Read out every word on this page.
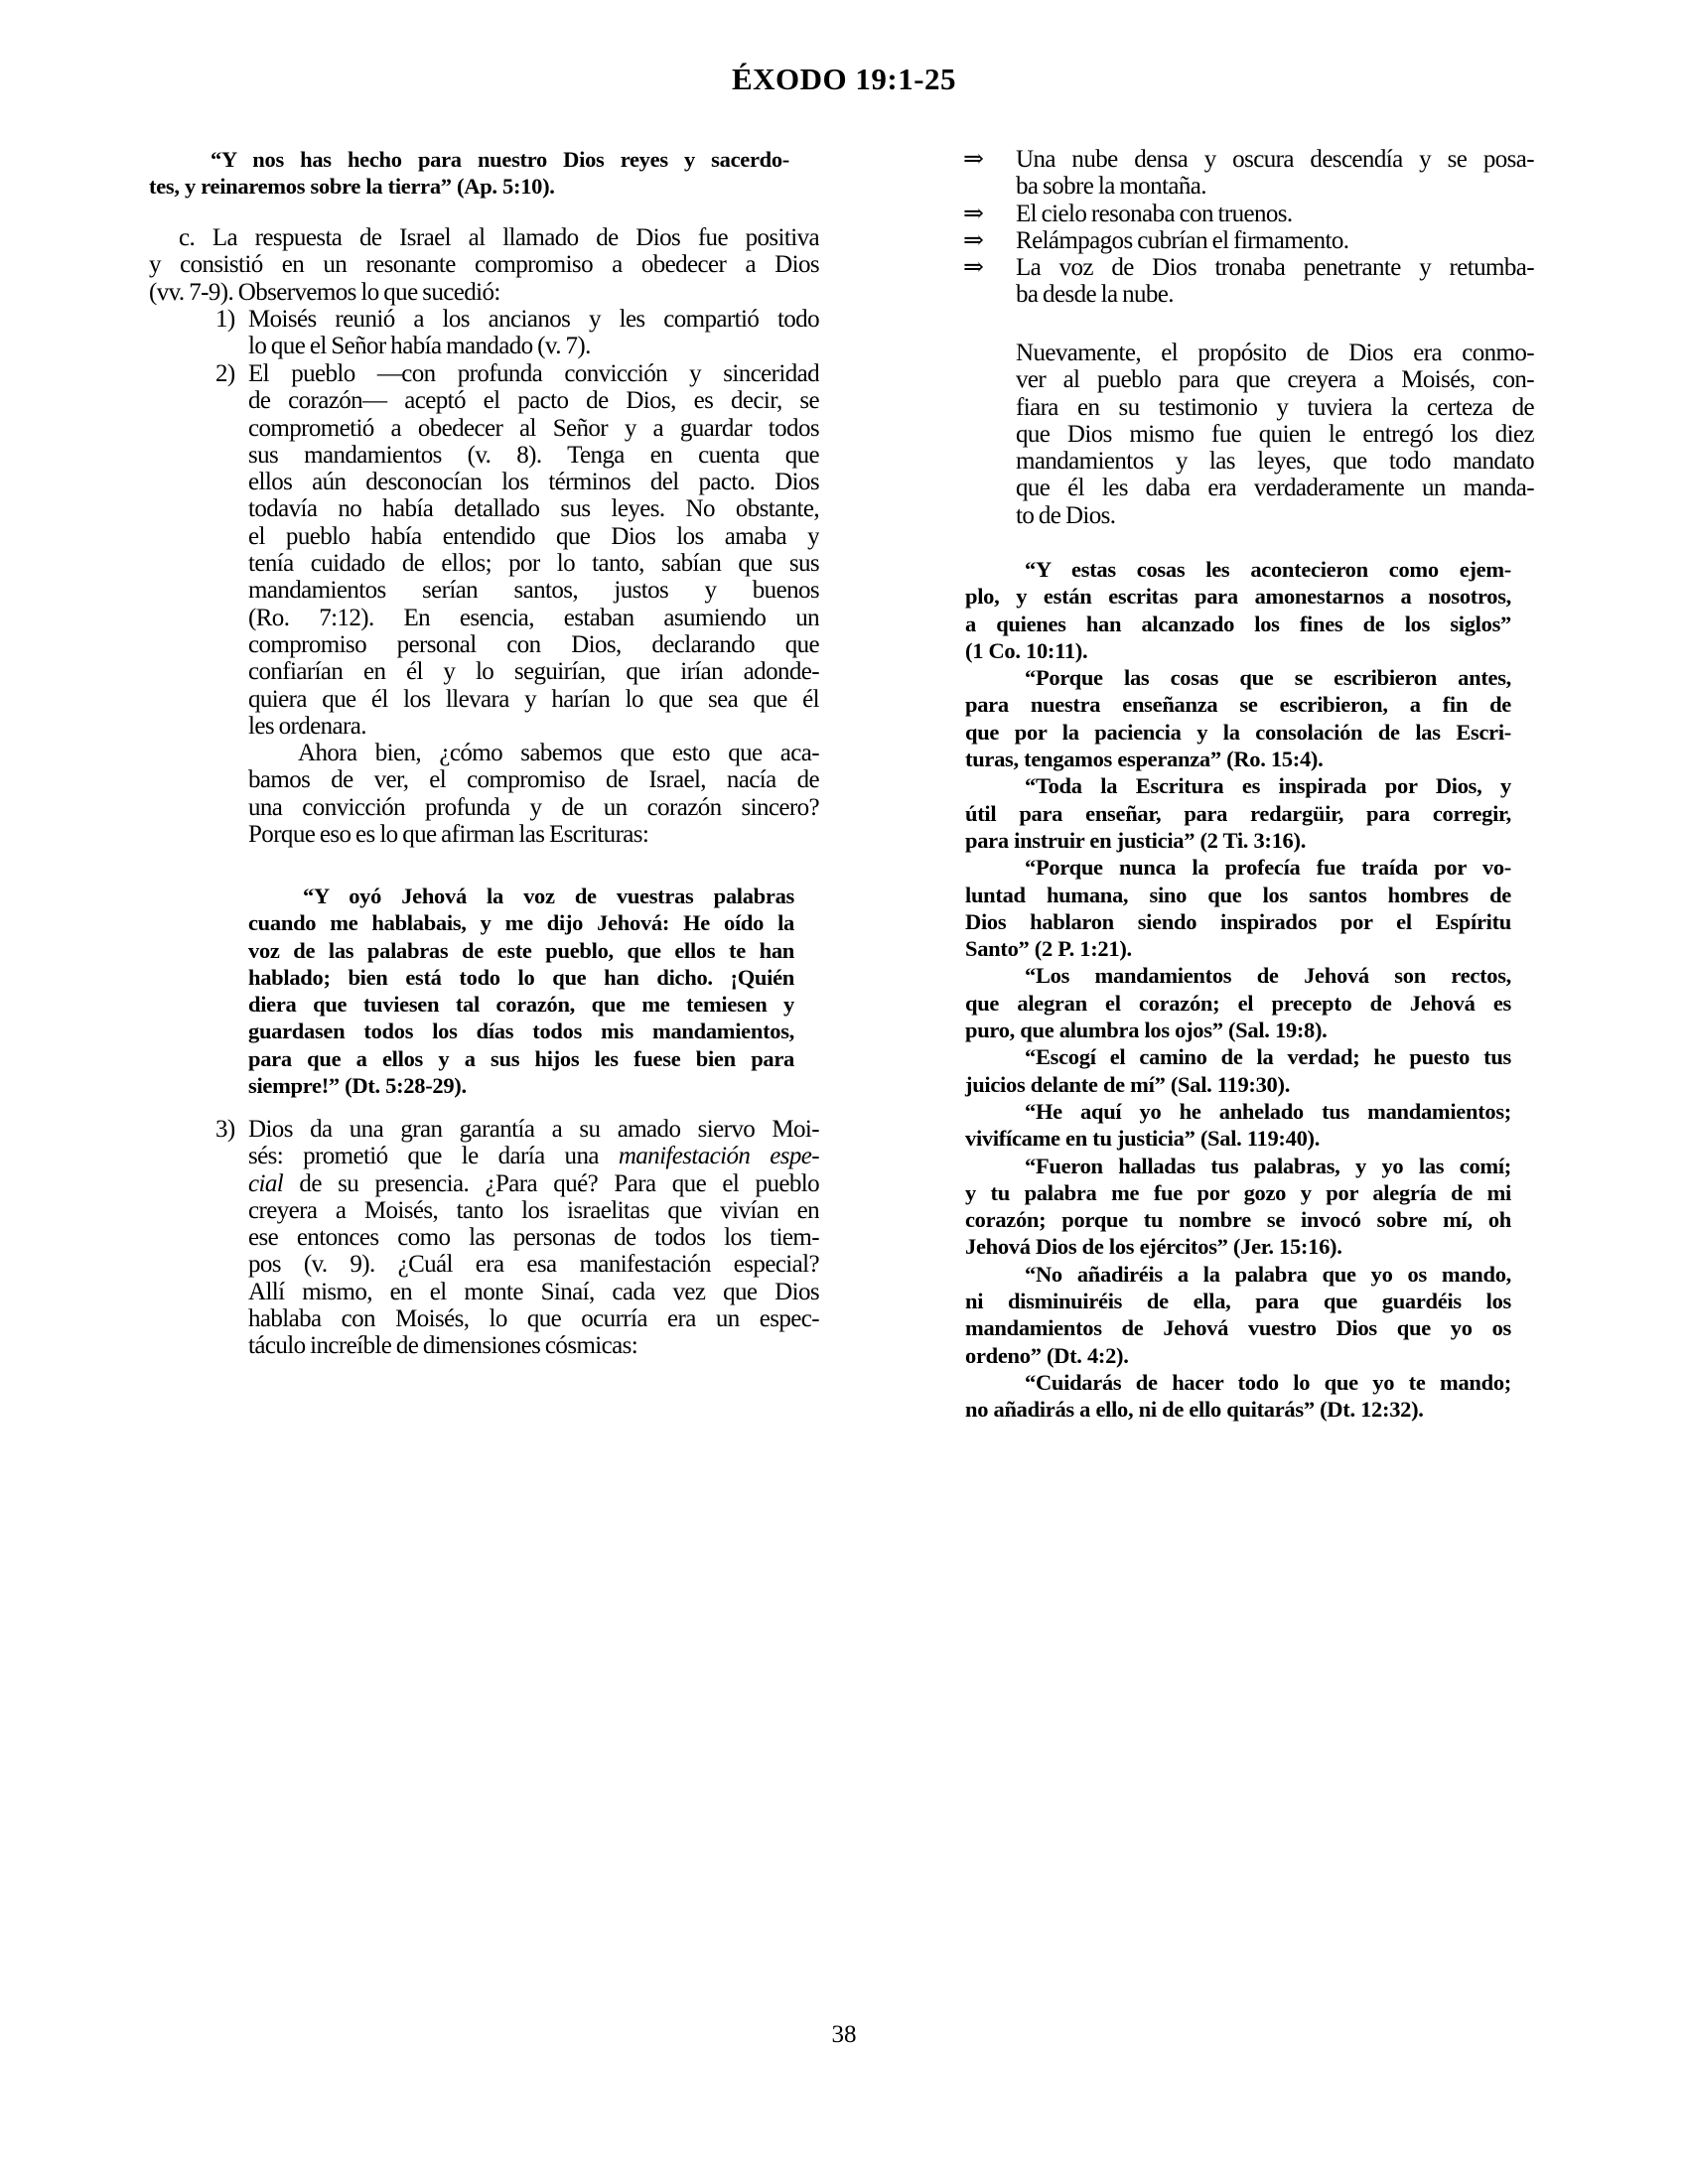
ÉXODO 19:1-25
“Y nos has hecho para nuestro Dios reyes y sacerdo-
tes, y reinaremos sobre la tierra” (Ap. 5:10).
c. La respuesta de Israel al llamado de Dios fue positiva
y consistió en un resonante compromiso a obedecer a Dios
(vv. 7-9). Observemos lo que sucedió:
1) Moisés reunió a los ancianos y les compartió todo
lo que el Señor había mandado (v. 7).
2) El pueblo —con profunda convicción y sinceridad
de corazón— aceptó el pacto de Dios, es decir, se
comprometió a obedecer al Señor y a guardar todos
sus mandamientos (v. 8). Tenga en cuenta que
ellos aún desconocían los términos del pacto. Dios
todavía no había detallado sus leyes. No obstante,
el pueblo había entendido que Dios los amaba y
tenía cuidado de ellos; por lo tanto, sabían que sus
mandamientos serían santos, justos y buenos
(Ro. 7:12). En esencia, estaban asumiendo un
compromiso personal con Dios, declarando que
confiarían en él y lo seguirían, que irían adonde-
quiera que él los llevara y harían lo que sea que él
les ordenara.
Ahora bien, ¿cómo sabemos que esto que aca-
bamos de ver, el compromiso de Israel, nacía de
una convicción profunda y de un corazón sincero?
Porque eso es lo que afirman las Escrituras:
“Y oyó Jehová la voz de vuestras palabras
cuando me hablabais, y me dijo Jehová: He oído la
voz de las palabras de este pueblo, que ellos te han
hablado; bien está todo lo que han dicho. ¡Quién
diera que tuviesen tal corazón, que me temiesen y
guardasen todos los días todos mis mandamientos,
para que a ellos y a sus hijos les fuese bien para
siempre!” (Dt. 5:28-29).
3) Dios da una gran garantía a su amado siervo Moi-
sés: prometió que le daría una manifestación espe-
cial de su presencia. ¿Para qué? Para que el pueblo
creyera a Moisés, tanto los israelitas que vivían en
ese entonces como las personas de todos los tiem-
pos (v. 9). ¿Cuál era esa manifestación especial?
Allí mismo, en el monte Sinaí, cada vez que Dios
hablaba con Moisés, lo que ocurría era un espec-
táculo increíble de dimensiones cósmicas:
⇒ Una nube densa y oscura descendía y se posa-
ba sobre la montaña.
⇒ El cielo resonaba con truenos.
⇒ Relámpagos cubrían el firmamento.
⇒ La voz de Dios tronaba penetrante y retumba-
ba desde la nube.
Nuevamente, el propósito de Dios era conmo-
ver al pueblo para que creyera a Moisés, con-
fiara en su testimonio y tuviera la certeza de
que Dios mismo fue quien le entregó los diez
mandamientos y las leyes, que todo mandato
que él les daba era verdaderamente un manda-
to de Dios.
“Y estas cosas les acontecieron como ejem-
plo, y están escritas para amonestarnos a nosotros,
a quienes han alcanzado los fines de los siglos”
(1 Co. 10:11).
“Porque las cosas que se escribieron antes,
para nuestra enseñanza se escribieron, a fin de
que por la paciencia y la consolación de las Escri-
turas, tengamos esperanza” (Ro. 15:4).
“Toda la Escritura es inspirada por Dios, y
útil para enseñar, para redargüir, para corregir,
para instruir en justicia” (2 Ti. 3:16).
“Porque nunca la profecía fue traída por vo-
luntad humana, sino que los santos hombres de
Dios hablaron siendo inspirados por el Espíritu
Santo” (2 P. 1:21).
“Los mandamientos de Jehová son rectos,
que alegran el corazón; el precepto de Jehová es
puro, que alumbra los ojos” (Sal. 19:8).
“Escogí el camino de la verdad; he puesto tus
juicios delante de mí” (Sal. 119:30).
“He aquí yo he anhelado tus mandamientos;
vivifícame en tu justicia” (Sal. 119:40).
“Fueron halladas tus palabras, y yo las comí;
y tu palabra me fue por gozo y por alegría de mi
corazón; porque tu nombre se invocó sobre mí, oh
Jehová Dios de los ejércitos” (Jer. 15:16).
“No añadiréis a la palabra que yo os mando,
ni disminuiréis de ella, para que guardéis los
mandamientos de Jehová vuestro Dios que yo os
ordeno” (Dt. 4:2).
“Cuidarás de hacer todo lo que yo te mando;
no añadirás a ello, ni de ello quitarás” (Dt. 12:32).
38
